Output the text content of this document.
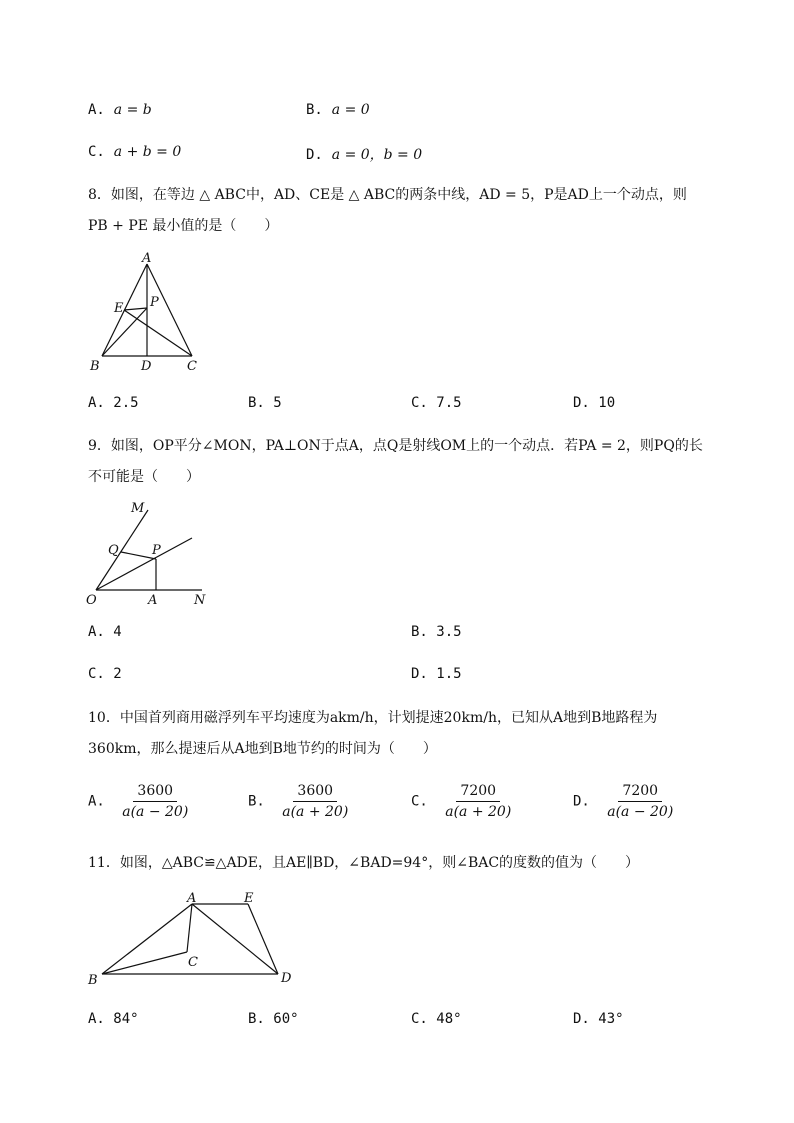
A. a = b	B. a = 0
C. a + b = 0	D. a = 0，b = 0
8．如图，在等边 △ ABC中，AD、CE是 △ ABC的两条中线，AD = 5，P是AD上一个动点，则
PB + PE 最小值的是（　　）
A
E P
B	D	C
A. 2.5	B. 5	C. 7.5	D. 10
9．如图，OP平分∠MON，PA⊥ON于点A，点Q是射线OM上的一个动点．若PA = 2，则PQ的长
不可能是（　　）
M
Q	P
O	A	N
A. 4	B. 3.5
C. 2	D. 1.5
10．中国首列商用磁浮列车平均速度为akm/h，计划提速20km/h，已知从A地到B地路程为
360km，那么提速后从A地到B地节约的时间为（　　）
A. $\frac{3600}{a(a - 20)}$	B. $\frac{3600}{a(a + 20)}$	C. $\frac{7200}{a(a + 20)}$	D. $\frac{7200}{a(a - 20)}$
11．如图，△ABC≌△ADE，且AE∥BD，∠BAD=94°，则∠BAC的度数的值为（　　）
A	E
C
B	D
A. 84°	B. 60°	C. 48°	D. 43°
